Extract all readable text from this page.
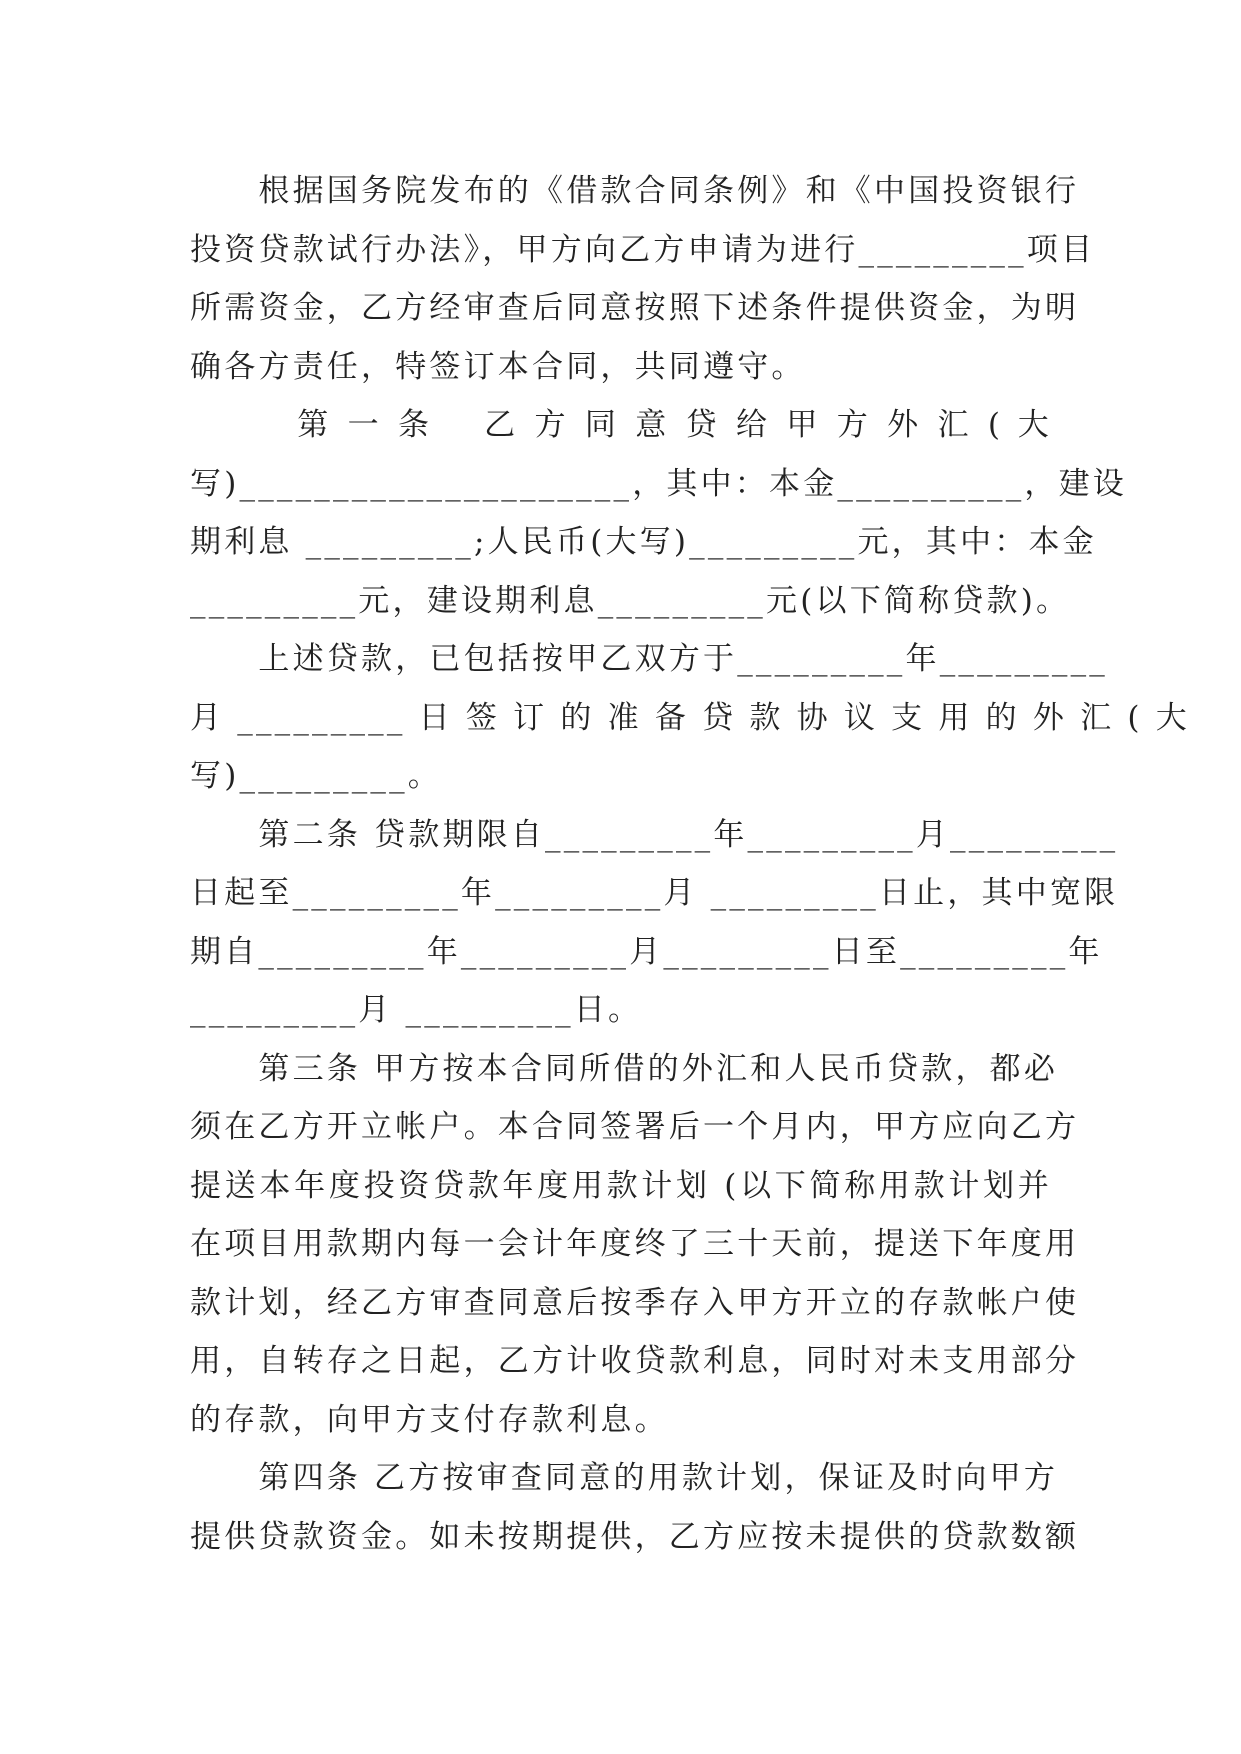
　　根据国务院发布的《借款合同条例》和《中国投资银行
投资贷款试行办法》，甲方向乙方申请为进行_________项目
所需资金，乙方经审查后同意按照下述条件提供资金，为明
确各方责任，特签订本合同，共同遵守。
　　　第 一 条　 乙 方 同 意 贷 给 甲 方 外 汇 ( 大
写)_____________________，其中：本金__________，建设
期利息 _________;人民币(大写)_________元，其中：本金
_________元，建设期利息_________元(以下简称贷款)。
　　上述贷款，已包括按甲乙双方于_________年_________
月 _________ 日 签 订 的 准 备 贷 款 协 议 支 用 的 外 汇 ( 大
写)_________。
　　第二条 贷款期限自_________年_________月_________
日起至_________年_________月 _________日止，其中宽限
期自_________年_________月_________日至_________年
_________月 _________日。
　　第三条 甲方按本合同所借的外汇和人民币贷款，都必
须在乙方开立帐户。本合同签署后一个月内，甲方应向乙方
提送本年度投资贷款年度用款计划 (以下简称用款计划并
在项目用款期内每一会计年度终了三十天前，提送下年度用
款计划，经乙方审查同意后按季存入甲方开立的存款帐户使
用，自转存之日起，乙方计收贷款利息，同时对未支用部分
的存款，向甲方支付存款利息。
　　第四条 乙方按审查同意的用款计划，保证及时向甲方
提供贷款资金。如未按期提供，乙方应按未提供的贷款数额
